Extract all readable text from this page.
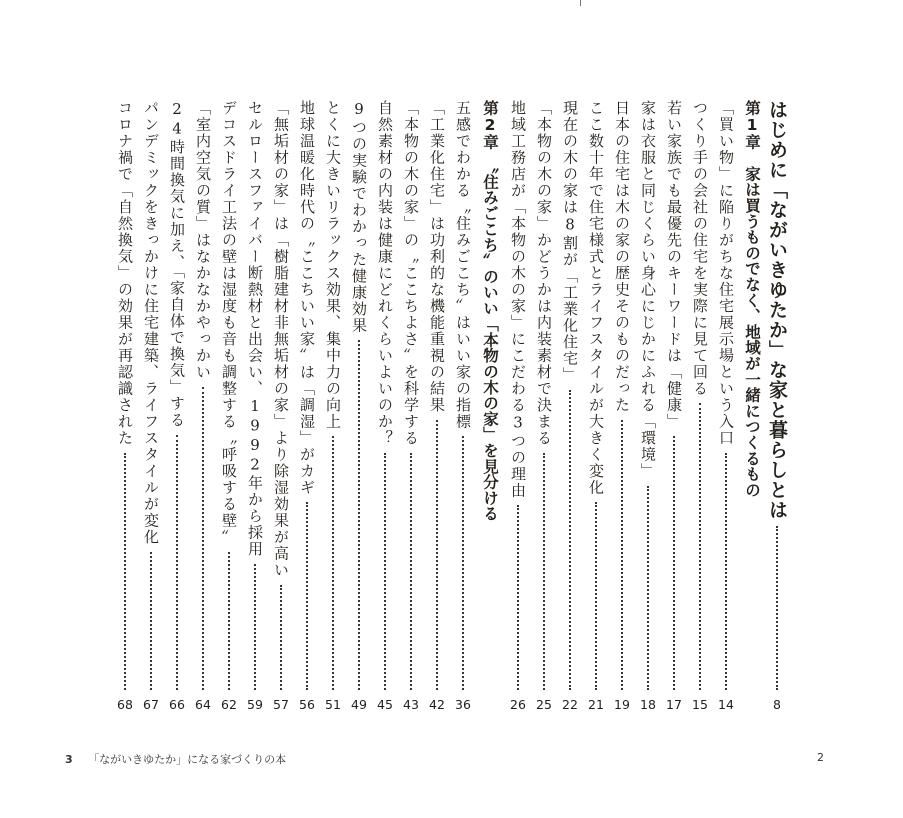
はじめに「ながいきゆたか」な家と暮らしとは
8
第1章　家は買うものでなく、地域が一緒につくるもの
「買い物」に陥りがちな住宅展示場という入口
14
つくり手の会社の住宅を実際に見て回る
15
若い家族でも最優先のキーワードは「健康」
17
家は衣服と同じくらい身心にじかにふれる「環境」
18
日本の住宅は木の家の歴史そのものだった
19
ここ数十年で住宅様式とライフスタイルが大きく変化
21
現在の木の家は8割が「工業化住宅」
22
「本物の木の家」かどうかは内装素材で決まる
25
地域工務店が「本物の木の家」にこだわる3つの理由
26
第2章　〝住みごこち〟のいい「本物の木の家」を見分ける
五感でわかる〝住みごこち〟はいい家の指標
36
「工業化住宅」は功利的な機能重視の結果
42
「本物の木の家」の〝ここちよさ〟を科学する
43
自然素材の内装は健康にどれくらいよいのか？
45
9つの実験でわかった健康効果
49
とくに大きいリラックス効果、集中力の向上
51
地球温暖化時代の〝ここちいい家〟は「調湿」がカギ
56
「無垢材の家」は「樹脂建材非無垢材の家」より除湿効果が高い
57
セルロースファイバー断熱材と出会い、1992年から採用
59
デコスドライ工法の壁は湿度も音も調整する〝呼吸する壁〟
62
「室内空気の質」はなかなかやっかい
64
24時間換気に加え、「家自体で換気」する
66
パンデミックをきっかけに住宅建築、ライフスタイルが変化
67
コロナ禍で「自然換気」の効果が再認識された
68
3 「ながいきゆたか」になる家づくりの本	2
